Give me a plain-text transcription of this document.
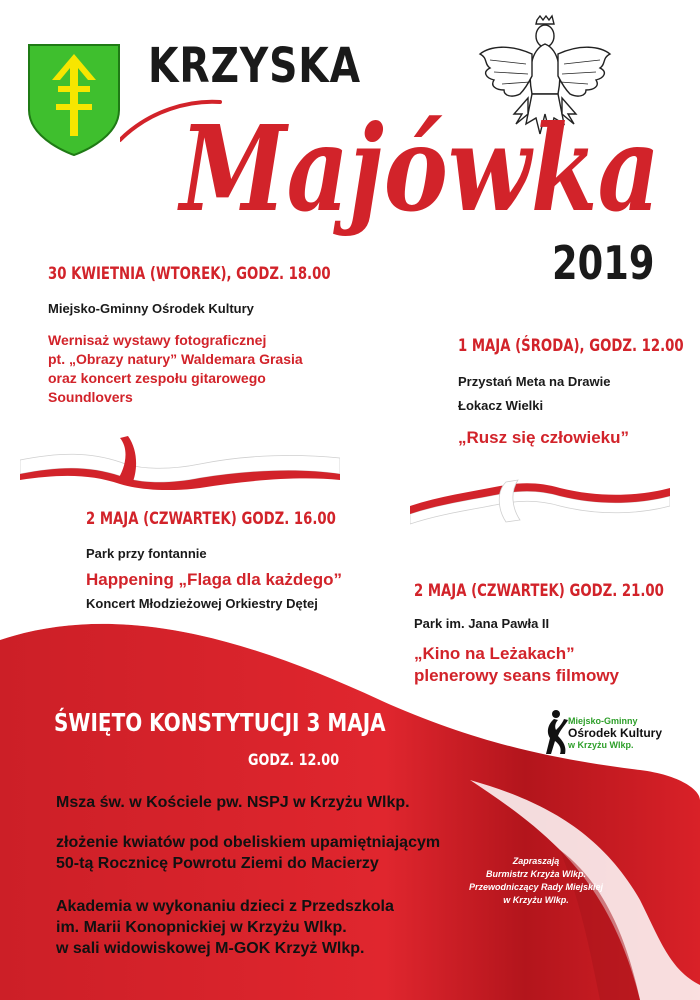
KRZYSKA
Majówka
2019
30 KWIETNIA (WTOREK), GODZ. 18.00
Miejsko-Gminny Ośrodek Kultury
Wernisaż wystawy fotograficznej
pt. „Obrazy natury” Waldemara Grasia
oraz koncert zespołu gitarowego
Soundlovers
1 MAJA (ŚRODA), GODZ. 12.00
Przystań Meta na Drawie
Łokacz Wielki
„Rusz się człowieku”
2 MAJA (CZWARTEK) GODZ. 16.00
Park przy fontannie
Happening „Flaga dla każdego”
Koncert Młodzieżowej Orkiestry Dętej
2 MAJA (CZWARTEK) GODZ. 21.00
Park im. Jana Pawła II
„Kino na Leżakach”
plenerowy seans filmowy
ŚWIĘTO KONSTYTUCJI 3 MAJA
GODZ. 12.00
Msza św. w Kościele pw. NSPJ w Krzyżu Wlkp.
złożenie kwiatów pod obeliskiem upamiętniającym
50-tą Rocznicę Powrotu Ziemi do Macierzy
Akademia w wykonaniu dzieci z Przedszkola
im. Marii Konopnickiej w Krzyżu Wlkp.
w sali widowiskowej M-GOK Krzyż Wlkp.
Miejsko-Gminny
Ośrodek Kultury
w Krzyżu Wlkp.
Zapraszają
Burmistrz Krzyża Wlkp.
Przewodniczący Rady Miejskiej
w Krzyżu Wlkp.
